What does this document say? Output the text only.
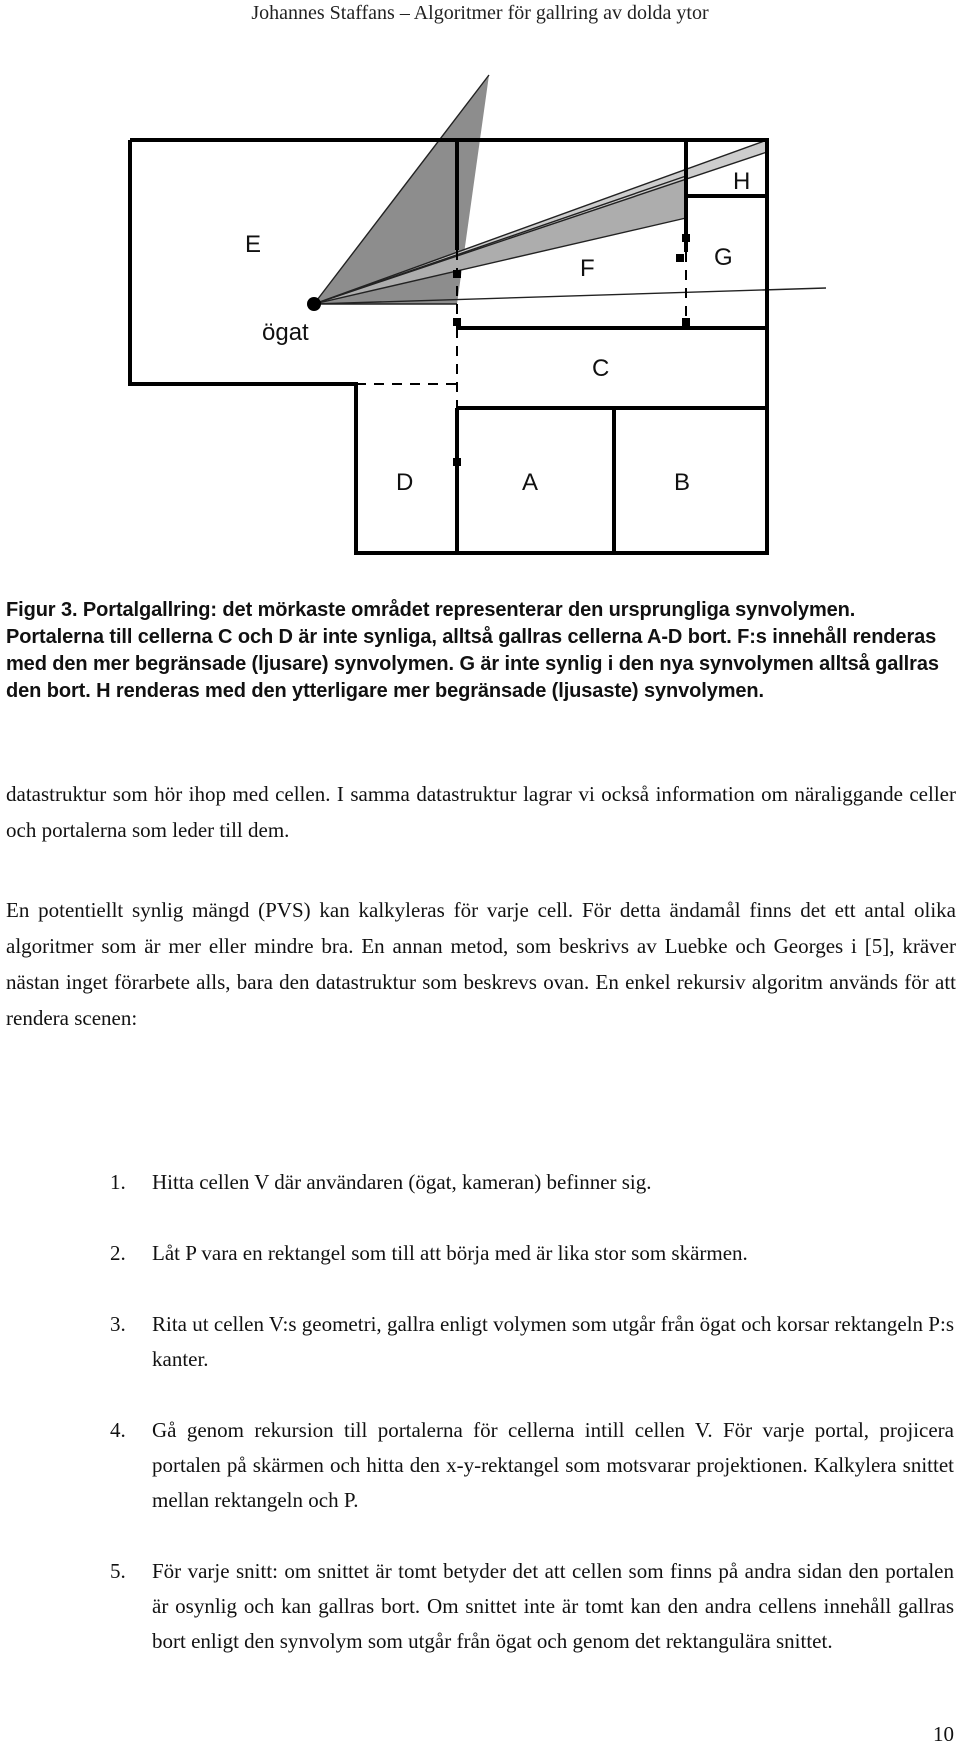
Johannes Staffans – Algoritmer för gallring av dolda ytor
E
ögat
F	G
H
C
D	A	B
Figur 3. Portalgallring: det mörkaste området representerar den ursprungliga synvolymen. Portalerna till cellerna C och D är inte synliga, alltså gallras cellerna A-D bort. F:s innehåll renderas med den mer begränsade (ljusare) synvolymen. G är inte synlig i den nya synvolymen alltså gallras den bort. H renderas med den ytterligare mer begränsade (ljusaste) synvolymen.

datastruktur som hör ihop med cellen. I samma datastruktur lagrar vi också information om näraliggande celler och portalerna som leder till dem.

En potentiellt synlig mängd (PVS) kan kalkyleras för varje cell. För detta ändamål finns det ett antal olika algoritmer som är mer eller mindre bra. En annan metod, som beskrivs av Luebke och Georges i [5], kräver nästan inget förarbete alls, bara den datastruktur som beskrevs ovan. En enkel rekursiv algoritm används för att rendera scenen:

1. Hitta cellen V där användaren (ögat, kameran) befinner sig.
2. Låt P vara en rektangel som till att börja med är lika stor som skärmen.
3. Rita ut cellen V:s geometri, gallra enligt volymen som utgår från ögat och korsar rektangeln P:s kanter.
4. Gå genom rekursion till portalerna för cellerna intill cellen V. För varje portal, projicera portalen på skärmen och hitta den x-y-rektangel som motsvarar projektionen. Kalkylera snittet mellan rektangeln och P.
5. För varje snitt: om snittet är tomt betyder det att cellen som finns på andra sidan den portalen är osynlig och kan gallras bort. Om snittet inte är tomt kan den andra cellens innehåll gallras bort enligt den synvolym som utgår från ögat och genom det rektangulära snittet.
10
